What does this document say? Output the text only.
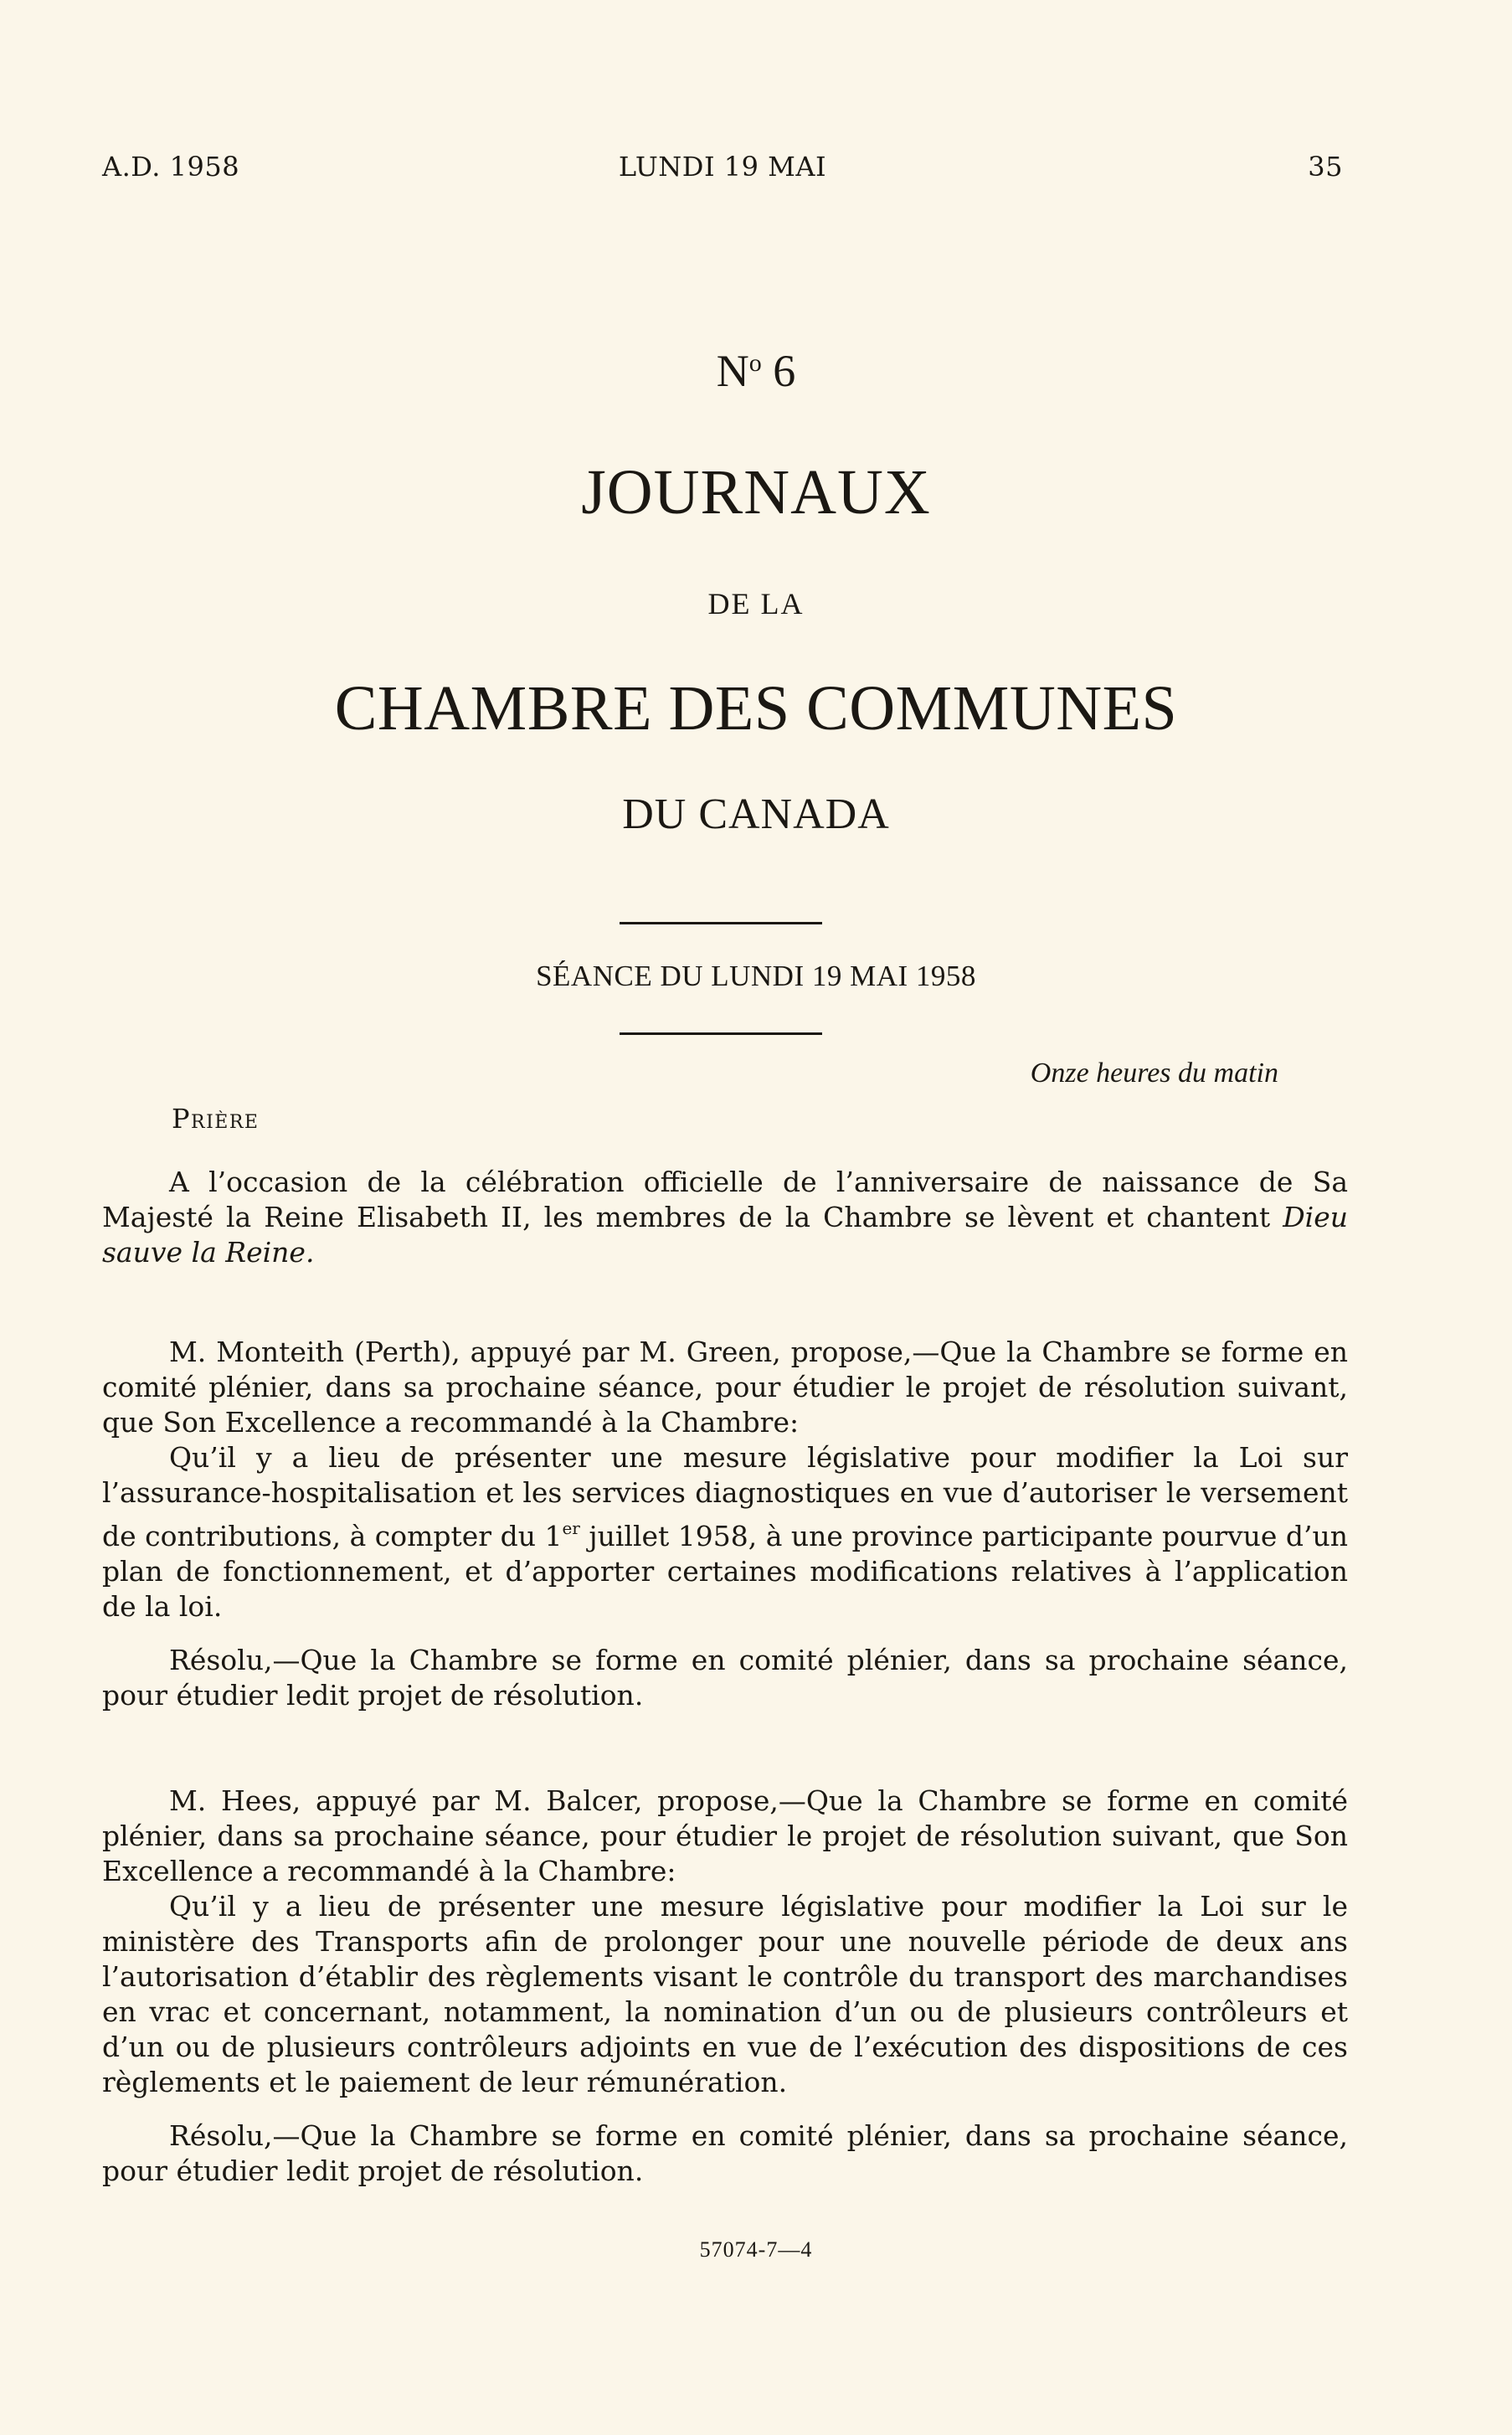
A.D. 1958	LUNDI 19 MAI	35
$N^o$ 6
JOURNAUX
DE LA
CHAMBRE DES COMMUNES
DU CANADA
SÉANCE DU LUNDI 19 MAI 1958
Onze heures du matin
Prière

A l’occasion de la célébration officielle de l’anniversaire de naissance de Sa Majesté la Reine Elisabeth II, les membres de la Chambre se lèvent et chantent Dieu sauve la Reine.

M. Monteith (Perth), appuyé par M. Green, propose,—Que la Chambre se forme en comité plénier, dans sa prochaine séance, pour étudier le projet de résolution suivant, que Son Excellence a recommandé à la Chambre:

Qu’il y a lieu de présenter une mesure législative pour modifier la Loi sur l’assurance-hospitalisation et les services diagnostiques en vue d’autoriser le versement de contributions, à compter du 1er juillet 1958, à une province participante pourvue d’un plan de fonctionnement, et d’apporter certaines modifications relatives à l’application de la loi.

Résolu,—Que la Chambre se forme en comité plénier, dans sa prochaine séance, pour étudier ledit projet de résolution.

M. Hees, appuyé par M. Balcer, propose,—Que la Chambre se forme en comité plénier, dans sa prochaine séance, pour étudier le projet de résolution suivant, que Son Excellence a recommandé à la Chambre:

Qu’il y a lieu de présenter une mesure législative pour modifier la Loi sur le ministère des Transports afin de prolonger pour une nouvelle période de deux ans l’autorisation d’établir des règlements visant le contrôle du transport des marchandises en vrac et concernant, notamment, la nomination d’un ou de plusieurs contrôleurs et d’un ou de plusieurs contrôleurs adjoints en vue de l’exécution des dispositions de ces règlements et le paiement de leur rémunération.

Résolu,—Que la Chambre se forme en comité plénier, dans sa prochaine séance, pour étudier ledit projet de résolution.

57074-7—4
